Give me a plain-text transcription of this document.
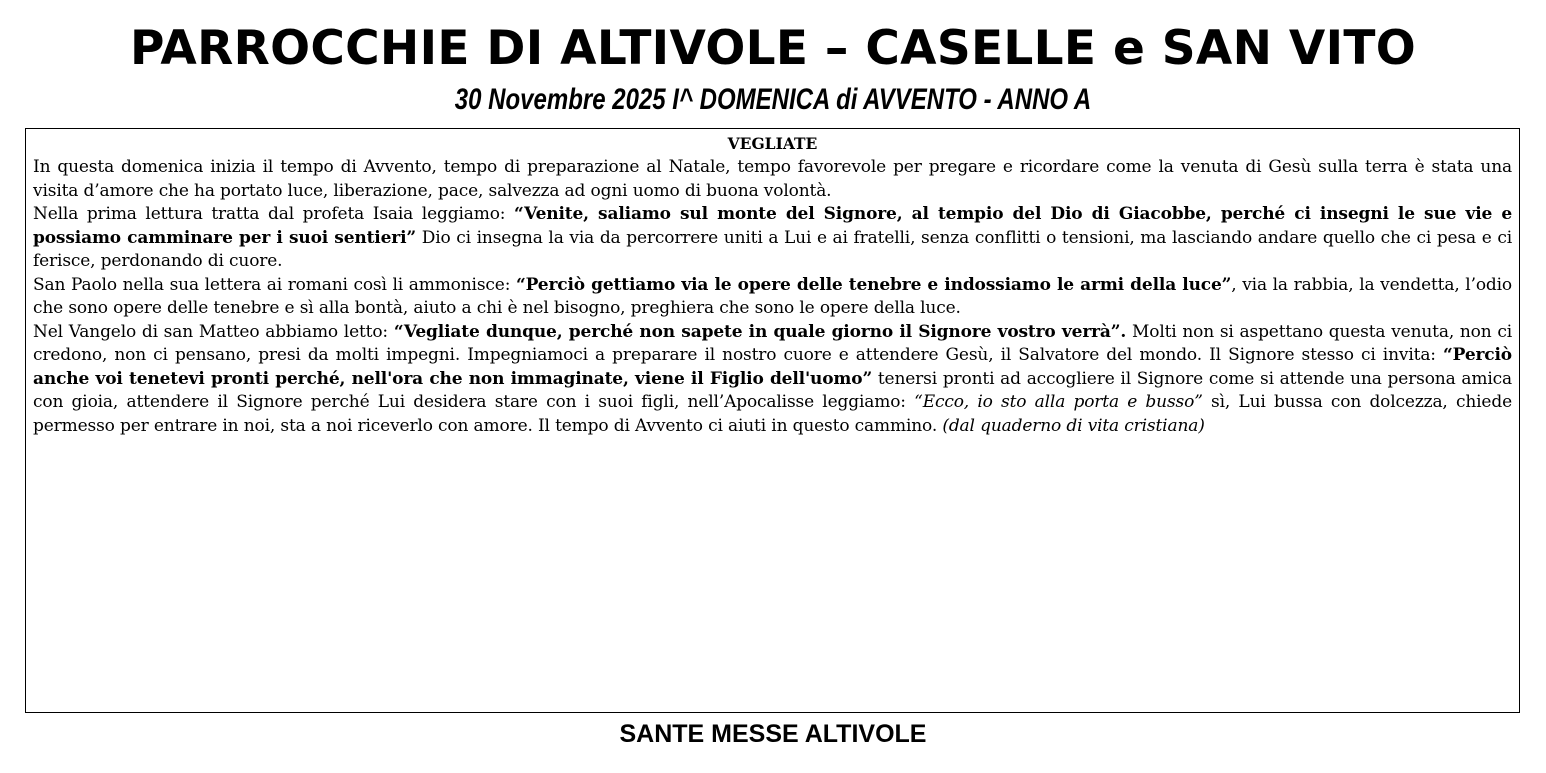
PARROCCHIE DI ALTIVOLE – CASELLE e SAN VITO
30 Novembre 2025 I^ DOMENICA di AVVENTO - ANNO A
VEGLIATE

In questa domenica inizia il tempo di Avvento, tempo di preparazione al Natale, tempo favorevole per pregare e ricordare come la venuta di Gesù sulla terra è stata una visita d’amore che ha portato luce, liberazione, pace, salvezza ad ogni uomo di buona volontà.

Nella prima lettura tratta dal profeta Isaia leggiamo: “Venite, saliamo sul monte del Signore, al tempio del Dio di Giacobbe, perché ci insegni le sue vie e possiamo camminare per i suoi sentieri” Dio ci insegna la via da percorrere uniti a Lui e ai fratelli, senza conflitti o tensioni, ma lasciando andare quello che ci pesa e ci ferisce, perdonando di cuore.

San Paolo nella sua lettera ai romani così li ammonisce: “Perciò gettiamo via le opere delle tenebre e indossiamo le armi della luce”, via la rabbia, la vendetta, l’odio che sono opere delle tenebre e sì alla bontà, aiuto a chi è nel bisogno, preghiera che sono le opere della luce.

Nel Vangelo di san Matteo abbiamo letto: “Vegliate dunque, perché non sapete in quale giorno il Signore vostro verrà”. Molti non si aspettano questa venuta, non ci credono, non ci pensano, presi da molti impegni. Impegniamoci a preparare il nostro cuore e attendere Gesù, il Salvatore del mondo. Il Signore stesso ci invita: “Perciò anche voi tenetevi pronti perché, nell'ora che non immaginate, viene il Figlio dell'uomo” tenersi pronti ad accogliere il Signore come si attende una persona amica con gioia, attendere il Signore perché Lui desidera stare con i suoi figli, nell’Apocalisse leggiamo: “Ecco, io sto alla porta e busso” sì, Lui bussa con dolcezza, chiede permesso per entrare in noi, sta a noi riceverlo con amore. Il tempo di Avvento ci aiuti in questo cammino. (dal quaderno di vita cristiana)

SANTE MESSE ALTIVOLE
